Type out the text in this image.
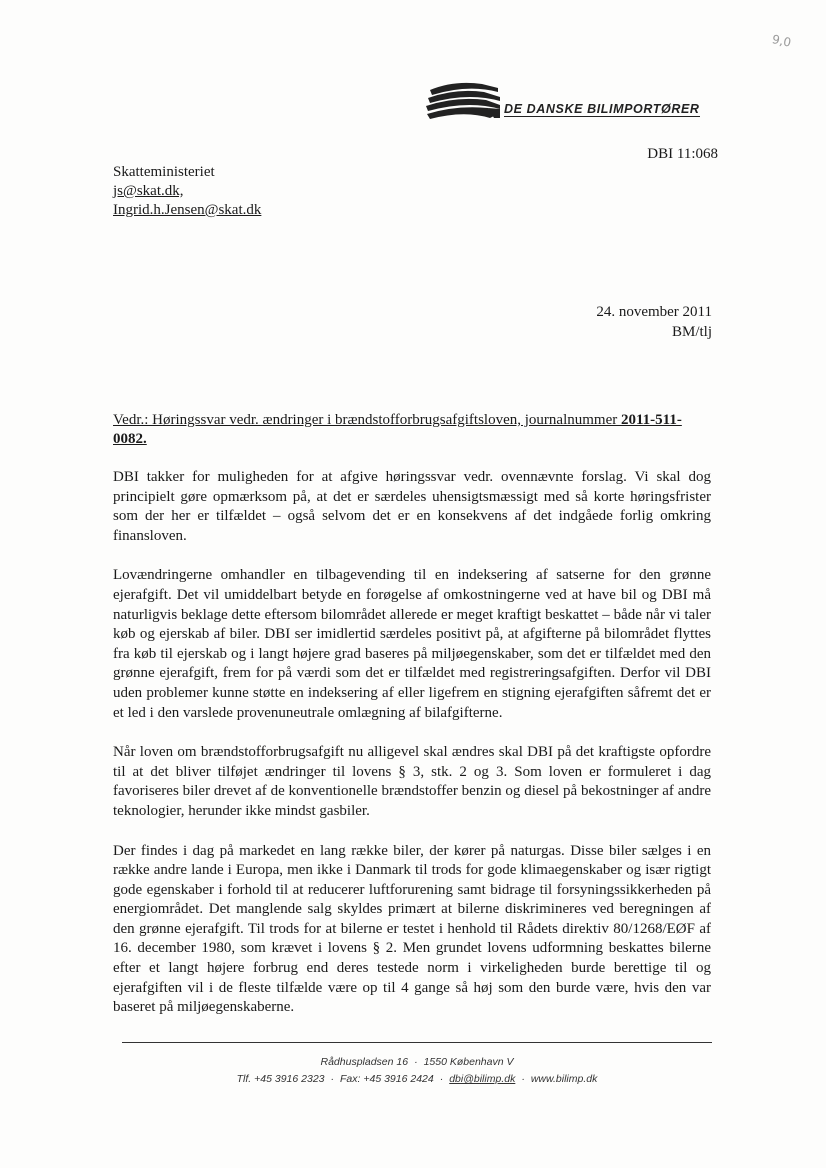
9,0
DE DANSKE BILIMPORTØRER
DBI 11:068
Skatteministeriet
js@skat.dk,
Ingrid.h.Jensen@skat.dk
24. november 2011
BM/tlj
Vedr.: Høringssvar vedr. ændringer i brændstofforbrugsafgiftsloven, journalnummer 2011-511-0082.

DBI takker for muligheden for at afgive høringssvar vedr. ovennævnte forslag. Vi skal dog principielt gøre opmærksom på, at det er særdeles uhensigtsmæssigt med så korte høringsfrister som der her er tilfældet – også selvom det er en konsekvens af det indgåede forlig omkring finansloven.

Lovændringerne omhandler en tilbagevending til en indeksering af satserne for den grønne ejerafgift. Det vil umiddelbart betyde en forøgelse af omkostningerne ved at have bil og DBI må naturligvis beklage dette eftersom bilområdet allerede er meget kraftigt beskattet – både når vi taler køb og ejerskab af biler. DBI ser imidlertid særdeles positivt på, at afgifterne på bilområdet flyttes fra køb til ejerskab og i langt højere grad baseres på miljøegenskaber, som det er tilfældet med den grønne ejerafgift, frem for på værdi som det er tilfældet med registreringsafgiften. Derfor vil DBI uden problemer kunne støtte en indeksering af eller ligefrem en stigning ejerafgiften såfremt det er et led i den varslede provenuneutrale omlægning af bilafgifterne.

Når loven om brændstofforbrugsafgift nu alligevel skal ændres skal DBI på det kraftigste opfordre til at det bliver tilføjet ændringer til lovens § 3, stk. 2 og 3. Som loven er formuleret i dag favoriseres biler drevet af de konventionelle brændstoffer benzin og diesel på bekostninger af andre teknologier, herunder ikke mindst gasbiler.

Der findes i dag på markedet en lang række biler, der kører på naturgas. Disse biler sælges i en række andre lande i Europa, men ikke i Danmark til trods for gode klimaegenskaber og især rigtigt gode egenskaber i forhold til at reducerer luftforurening samt bidrage til forsyningssikkerheden på energiområdet. Det manglende salg skyldes primært at bilerne diskrimineres ved beregningen af den grønne ejerafgift. Til trods for at bilerne er testet i henhold til Rådets direktiv 80/1268/EØF af 16. december 1980, som krævet i lovens § 2. Men grundet lovens udformning beskattes bilerne efter et langt højere forbrug end deres testede norm i virkeligheden burde berettige til og ejerafgiften vil i de fleste tilfælde være op til 4 gange så høj som den burde være, hvis den var baseret på miljøegenskaberne.

Rådhuspladsen 16 · 1550 København V
Tlf. +45 3916 2323 · Fax: +45 3916 2424 · dbi@bilimp.dk · www.bilimp.dk
